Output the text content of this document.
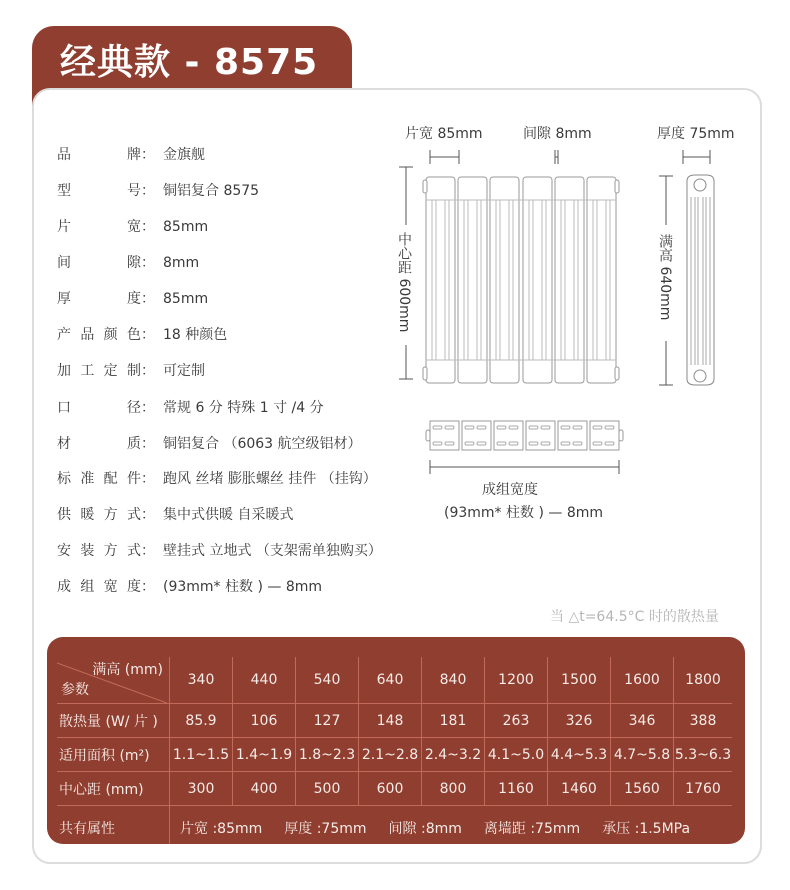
经典款 - 8575
品牌： 金旗舰
型号： 铜铝复合 8575
片宽： 85mm
间隙： 8mm
厚度： 85mm
产品颜色： 18 种颜色
加工定制： 可定制
口径： 常规 6 分 特殊 1 寸 /4 分
材质： 铜铝复合 （6063 航空级铝材）
标准配件： 跑风 丝堵 膨胀螺丝 挂件 （挂钩）
供暖方式： 集中式供暖 自采暖式
安装方式： 壁挂式 立地式 （支架需单独购买）
成组宽度： (93mm* 柱数 ) — 8mm
片宽 85mm	间隙 8mm	厚度 75mm
中心距 600mm	满高 640mm
成组宽度
(93mm* 柱数 ) — 8mm
当 △t=64.5°C 时的散热量
满高 (mm)
参数	340	440	540	640	840	1200	1500	1600	1800
散热量 (W/ 片 )	85.9	106	127	148	181	263	326	346	388
适用面积 (m²)	1.1~1.5	1.4~1.9	1.8~2.3	2.1~2.8	2.4~3.2	4.1~5.0	4.4~5.3	4.7~5.8	5.3~6.3
中心距 (mm)	300	400	500	600	800	1160	1460	1560	1760
共有属性	片宽 :85mm 厚度 :75mm 间隙 :8mm 离墙距 :75mm 承压 :1.5MPa								
